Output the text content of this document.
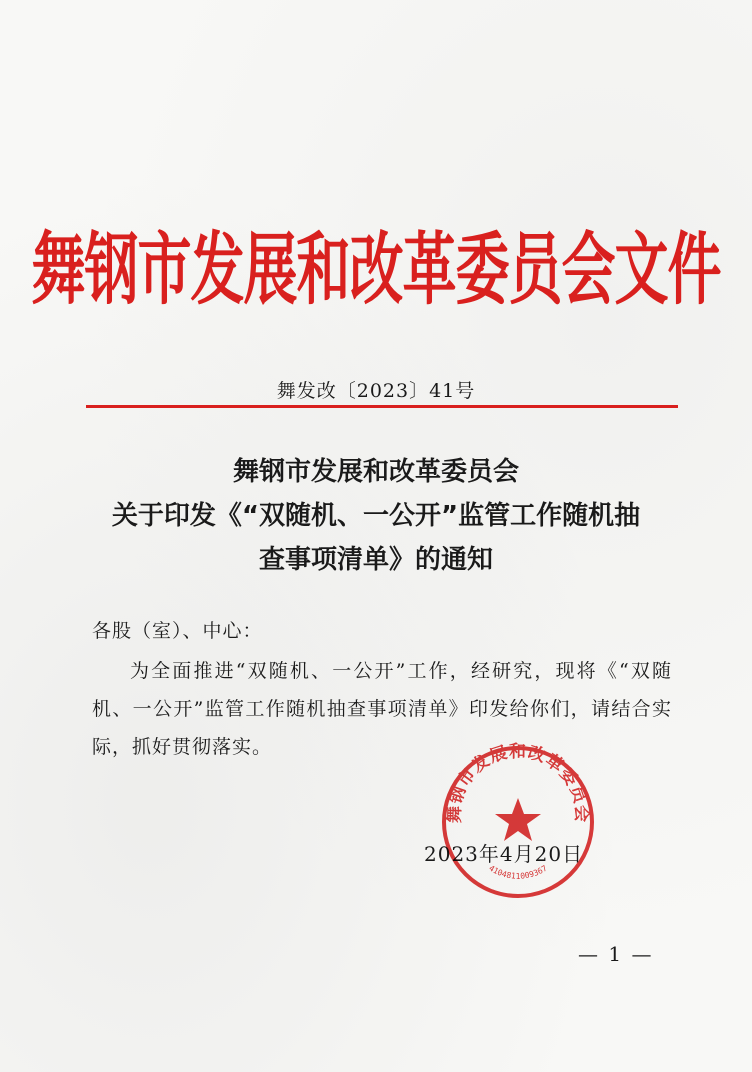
舞钢市发展和改革委员会文件
舞发改〔2023〕41号
舞钢市发展和改革委员会
关于印发《“双随机、一公开”监管工作随机抽
查事项清单》的通知
各股（室）、中心：
为全面推进“双随机、一公开”工作，经研究，现将《“双随机、一公开”监管工作随机抽查事项清单》印发给你们，请结合实际，抓好贯彻落实。
2023年4月20日
舞钢市发展和改革委员会
4104811009367
— 1 —
